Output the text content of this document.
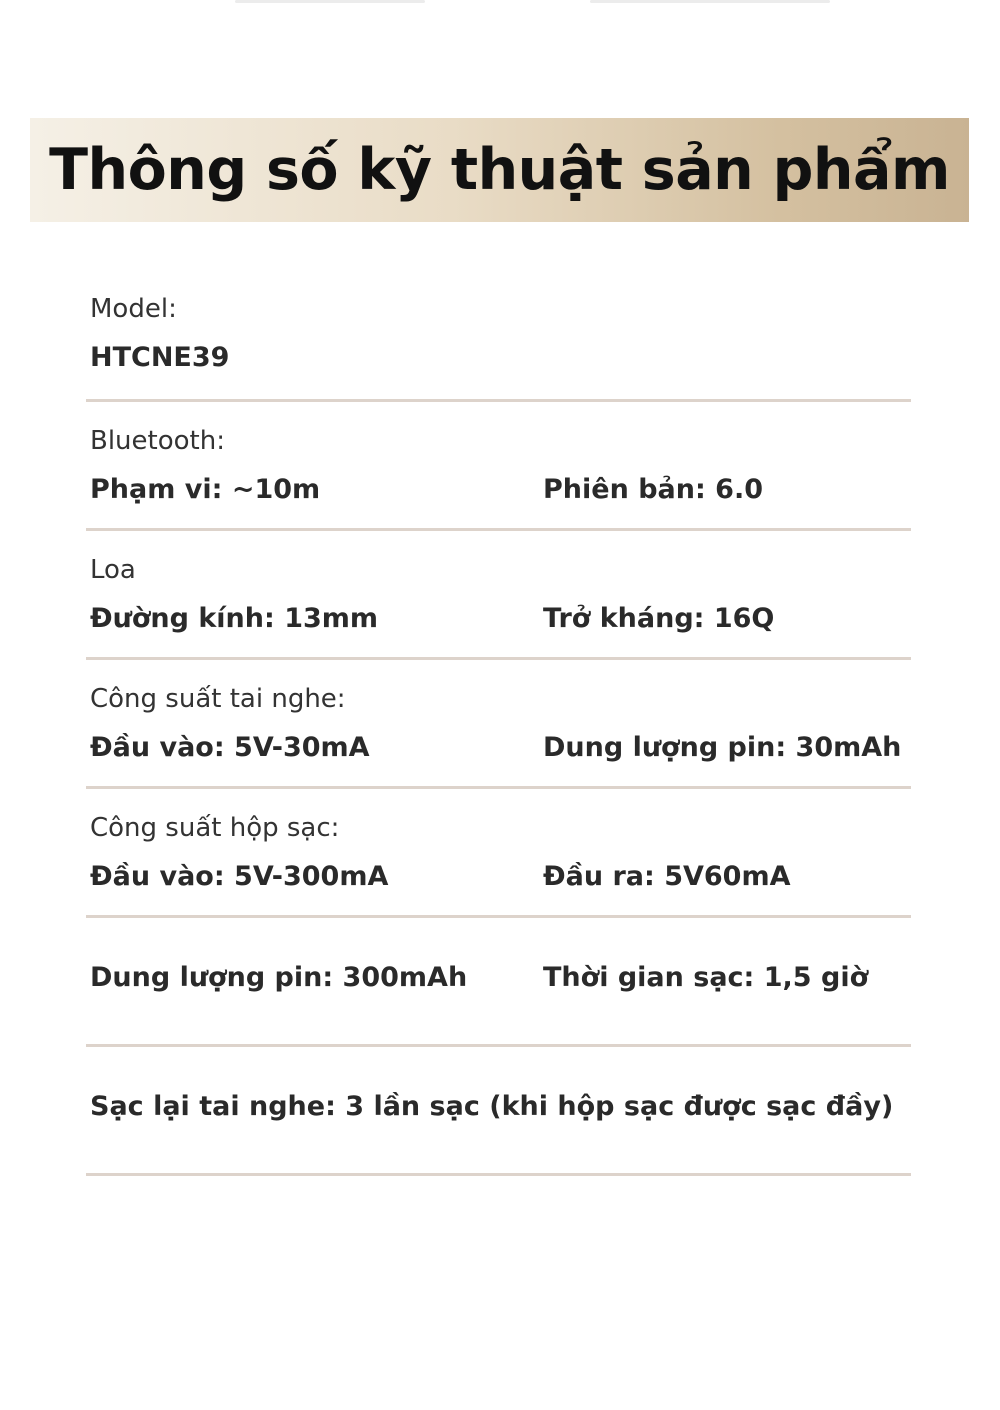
Thông số kỹ thuật sản phẩm
Model:
HTCNE39
Bluetooth:
Phạm vi: ~10m	Phiên bản: 6.0
Loa
Đường kính: 13mm	Trở kháng: 16Q
Công suất tai nghe:
Đầu vào: 5V-30mA	Dung lượng pin: 30mAh
Công suất hộp sạc:
Đầu vào: 5V-300mA	Đầu ra: 5V60mA
Dung lượng pin: 300mAh	Thời gian sạc: 1,5 giờ
Sạc lại tai nghe: 3 lần sạc (khi hộp sạc được sạc đầy)
